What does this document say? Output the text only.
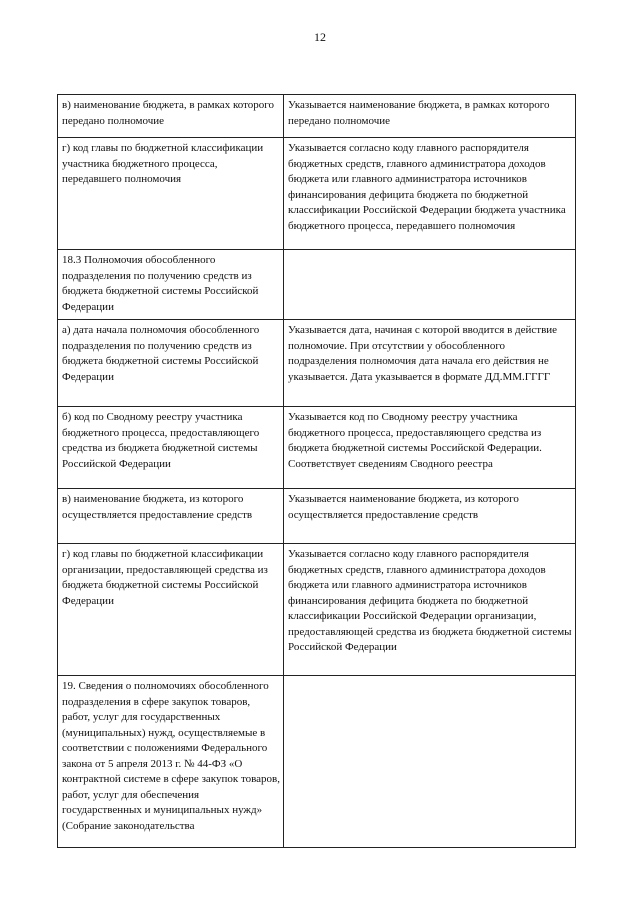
12
в) наименование бюджета, в рамках которого передано полномочие	Указывается наименование бюджета, в рамках которого передано полномочие
г) код главы по бюджетной классификации участника бюджетного процесса, передавшего полномочия	Указывается согласно коду главного распорядителя бюджетных средств, главного администратора доходов бюджета или главного администратора источников финансирования дефицита бюджета по бюджетной классификации Российской Федерации бюджета участника бюджетного процесса, передавшего полномочия
18.3 Полномочия обособленного подразделения по получению средств из бюджета бюджетной системы Российской Федерации	
а) дата начала полномочия обособленного подразделения по получению средств из бюджета бюджетной системы Российской Федерации	Указывается дата, начиная с которой вводится в действие полномочие. При отсутствии у обособленного подразделения полномочия дата начала его действия не указывается. Дата указывается в формате ДД.ММ.ГГГГ
б) код по Сводному реестру участника бюджетного процесса, предоставляющего средства из бюджета бюджетной системы Российской Федерации	Указывается код по Сводному реестру участника бюджетного процесса, предоставляющего средства из бюджета бюджетной системы Российской Федерации. Соответствует сведениям Сводного реестра
в) наименование бюджета, из которого осуществляется предоставление средств	Указывается наименование бюджета, из которого осуществляется предоставление средств
г) код главы по бюджетной классификации организации, предоставляющей средства из бюджета бюджетной системы Российской Федерации	Указывается согласно коду главного распорядителя бюджетных средств, главного администратора доходов бюджета или главного администратора источников финансирования дефицита бюджета по бюджетной классификации Российской Федерации организации, предоставляющей средства из бюджета бюджетной системы Российской Федерации
19. Сведения о полномочиях обособленного подразделения в сфере закупок товаров, работ, услуг для государственных (муниципальных) нужд, осуществляемые в соответствии с положениями Федерального закона от 5 апреля 2013 г. № 44-ФЗ «О контрактной системе в сфере закупок товаров, работ, услуг для обеспечения государственных и муниципальных нужд» (Собрание законодательства	
